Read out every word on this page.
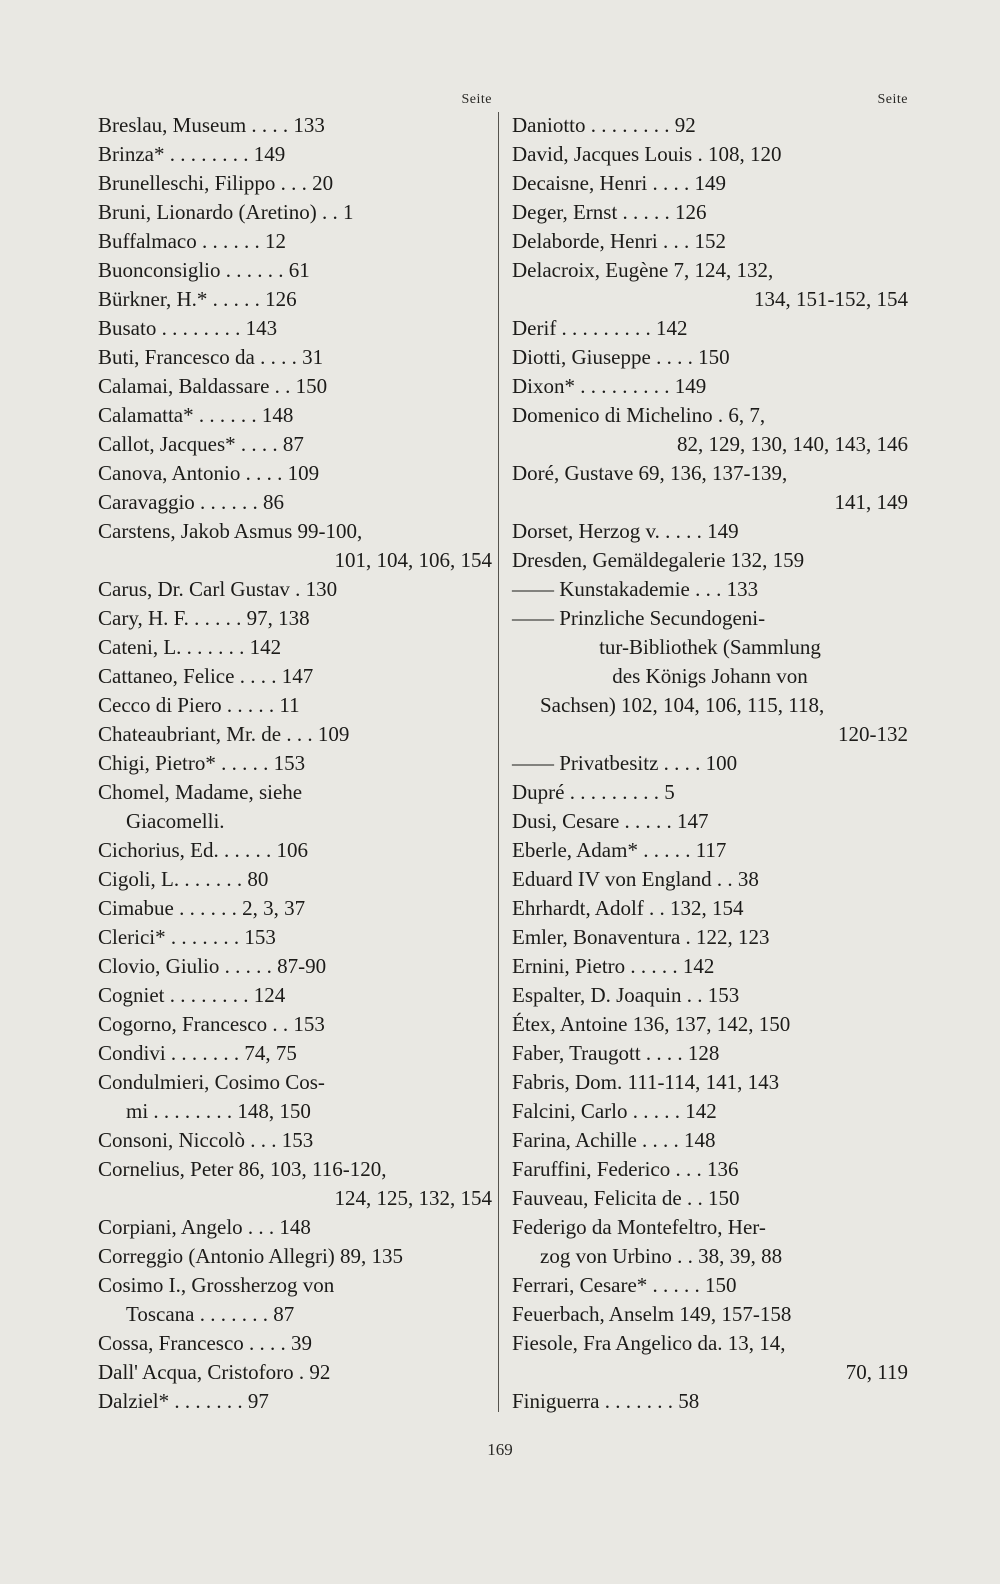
Seite
Breslau, Museum . . . . 133
Brinza* . . . . . . . . 149
Brunelleschi, Filippo . . . 20
Bruni, Lionardo (Aretino) . . 1
Buffalmaco . . . . . . 12
Buonconsiglio . . . . . . 61
Bürkner, H.* . . . . . 126
Busato . . . . . . . . 143
Buti, Francesco da . . . . 31
Calamai, Baldassare . . 150
Calamatta* . . . . . . 148
Callot, Jacques* . . . . 87
Canova, Antonio . . . . 109
Caravaggio . . . . . . 86
Carstens, Jakob Asmus 99-100,
101, 104, 106, 154
Carus, Dr. Carl Gustav . 130
Cary, H. F. . . . . . 97, 138
Cateni, L. . . . . . . 142
Cattaneo, Felice . . . . 147
Cecco di Piero . . . . . 11
Chateaubriant, Mr. de . . . 109
Chigi, Pietro* . . . . . 153
Chomel, Madame, siehe
Giacomelli.
Cichorius, Ed. . . . . . 106
Cigoli, L. . . . . . . 80
Cimabue . . . . . . 2, 3, 37
Clerici* . . . . . . . 153
Clovio, Giulio . . . . . 87-90
Cogniet . . . . . . . . 124
Cogorno, Francesco . . 153
Condivi . . . . . . . 74, 75
Condulmieri, Cosimo Cos-
mi . . . . . . . . 148, 150
Consoni, Niccolò . . . 153
Cornelius, Peter 86, 103, 116-120,
124, 125, 132, 154
Corpiani, Angelo . . . 148
Correggio (Antonio Allegri) 89, 135
Cosimo I., Grossherzog von
Toscana . . . . . . . 87
Cossa, Francesco . . . . 39
Dall' Acqua, Cristoforo . 92
Dalziel* . . . . . . . 97
Seite
Daniotto . . . . . . . . 92
David, Jacques Louis . 108, 120
Decaisne, Henri . . . . 149
Deger, Ernst . . . . . 126
Delaborde, Henri . . . 152
Delacroix, Eugène 7, 124, 132,
134, 151-152, 154
Derif . . . . . . . . . 142
Diotti, Giuseppe . . . . 150
Dixon* . . . . . . . . . 149
Domenico di Michelino . 6, 7,
82, 129, 130, 140, 143, 146
Doré, Gustave 69, 136, 137-139,
141, 149
Dorset, Herzog v. . . . . 149
Dresden, Gemäldegalerie 132, 159
—— Kunstakademie . . . 133
—— Prinzliche Secundogeni-
tur-Bibliothek (Sammlung
des Königs Johann von
Sachsen) 102, 104, 106, 115, 118,
120-132
—— Privatbesitz . . . . 100
Dupré . . . . . . . . . 5
Dusi, Cesare . . . . . 147
Eberle, Adam* . . . . . 117
Eduard IV von England . . 38
Ehrhardt, Adolf . . 132, 154
Emler, Bonaventura . 122, 123
Ernini, Pietro . . . . . 142
Espalter, D. Joaquin . . 153
Étex, Antoine 136, 137, 142, 150
Faber, Traugott . . . . 128
Fabris, Dom. 111-114, 141, 143
Falcini, Carlo . . . . . 142
Farina, Achille . . . . 148
Faruffini, Federico . . . 136
Fauveau, Felicita de . . 150
Federigo da Montefeltro, Her-
zog von Urbino . . 38, 39, 88
Ferrari, Cesare* . . . . . 150
Feuerbach, Anselm 149, 157-158
Fiesole, Fra Angelico da. 13, 14,
70, 119
Finiguerra . . . . . . . 58
169
